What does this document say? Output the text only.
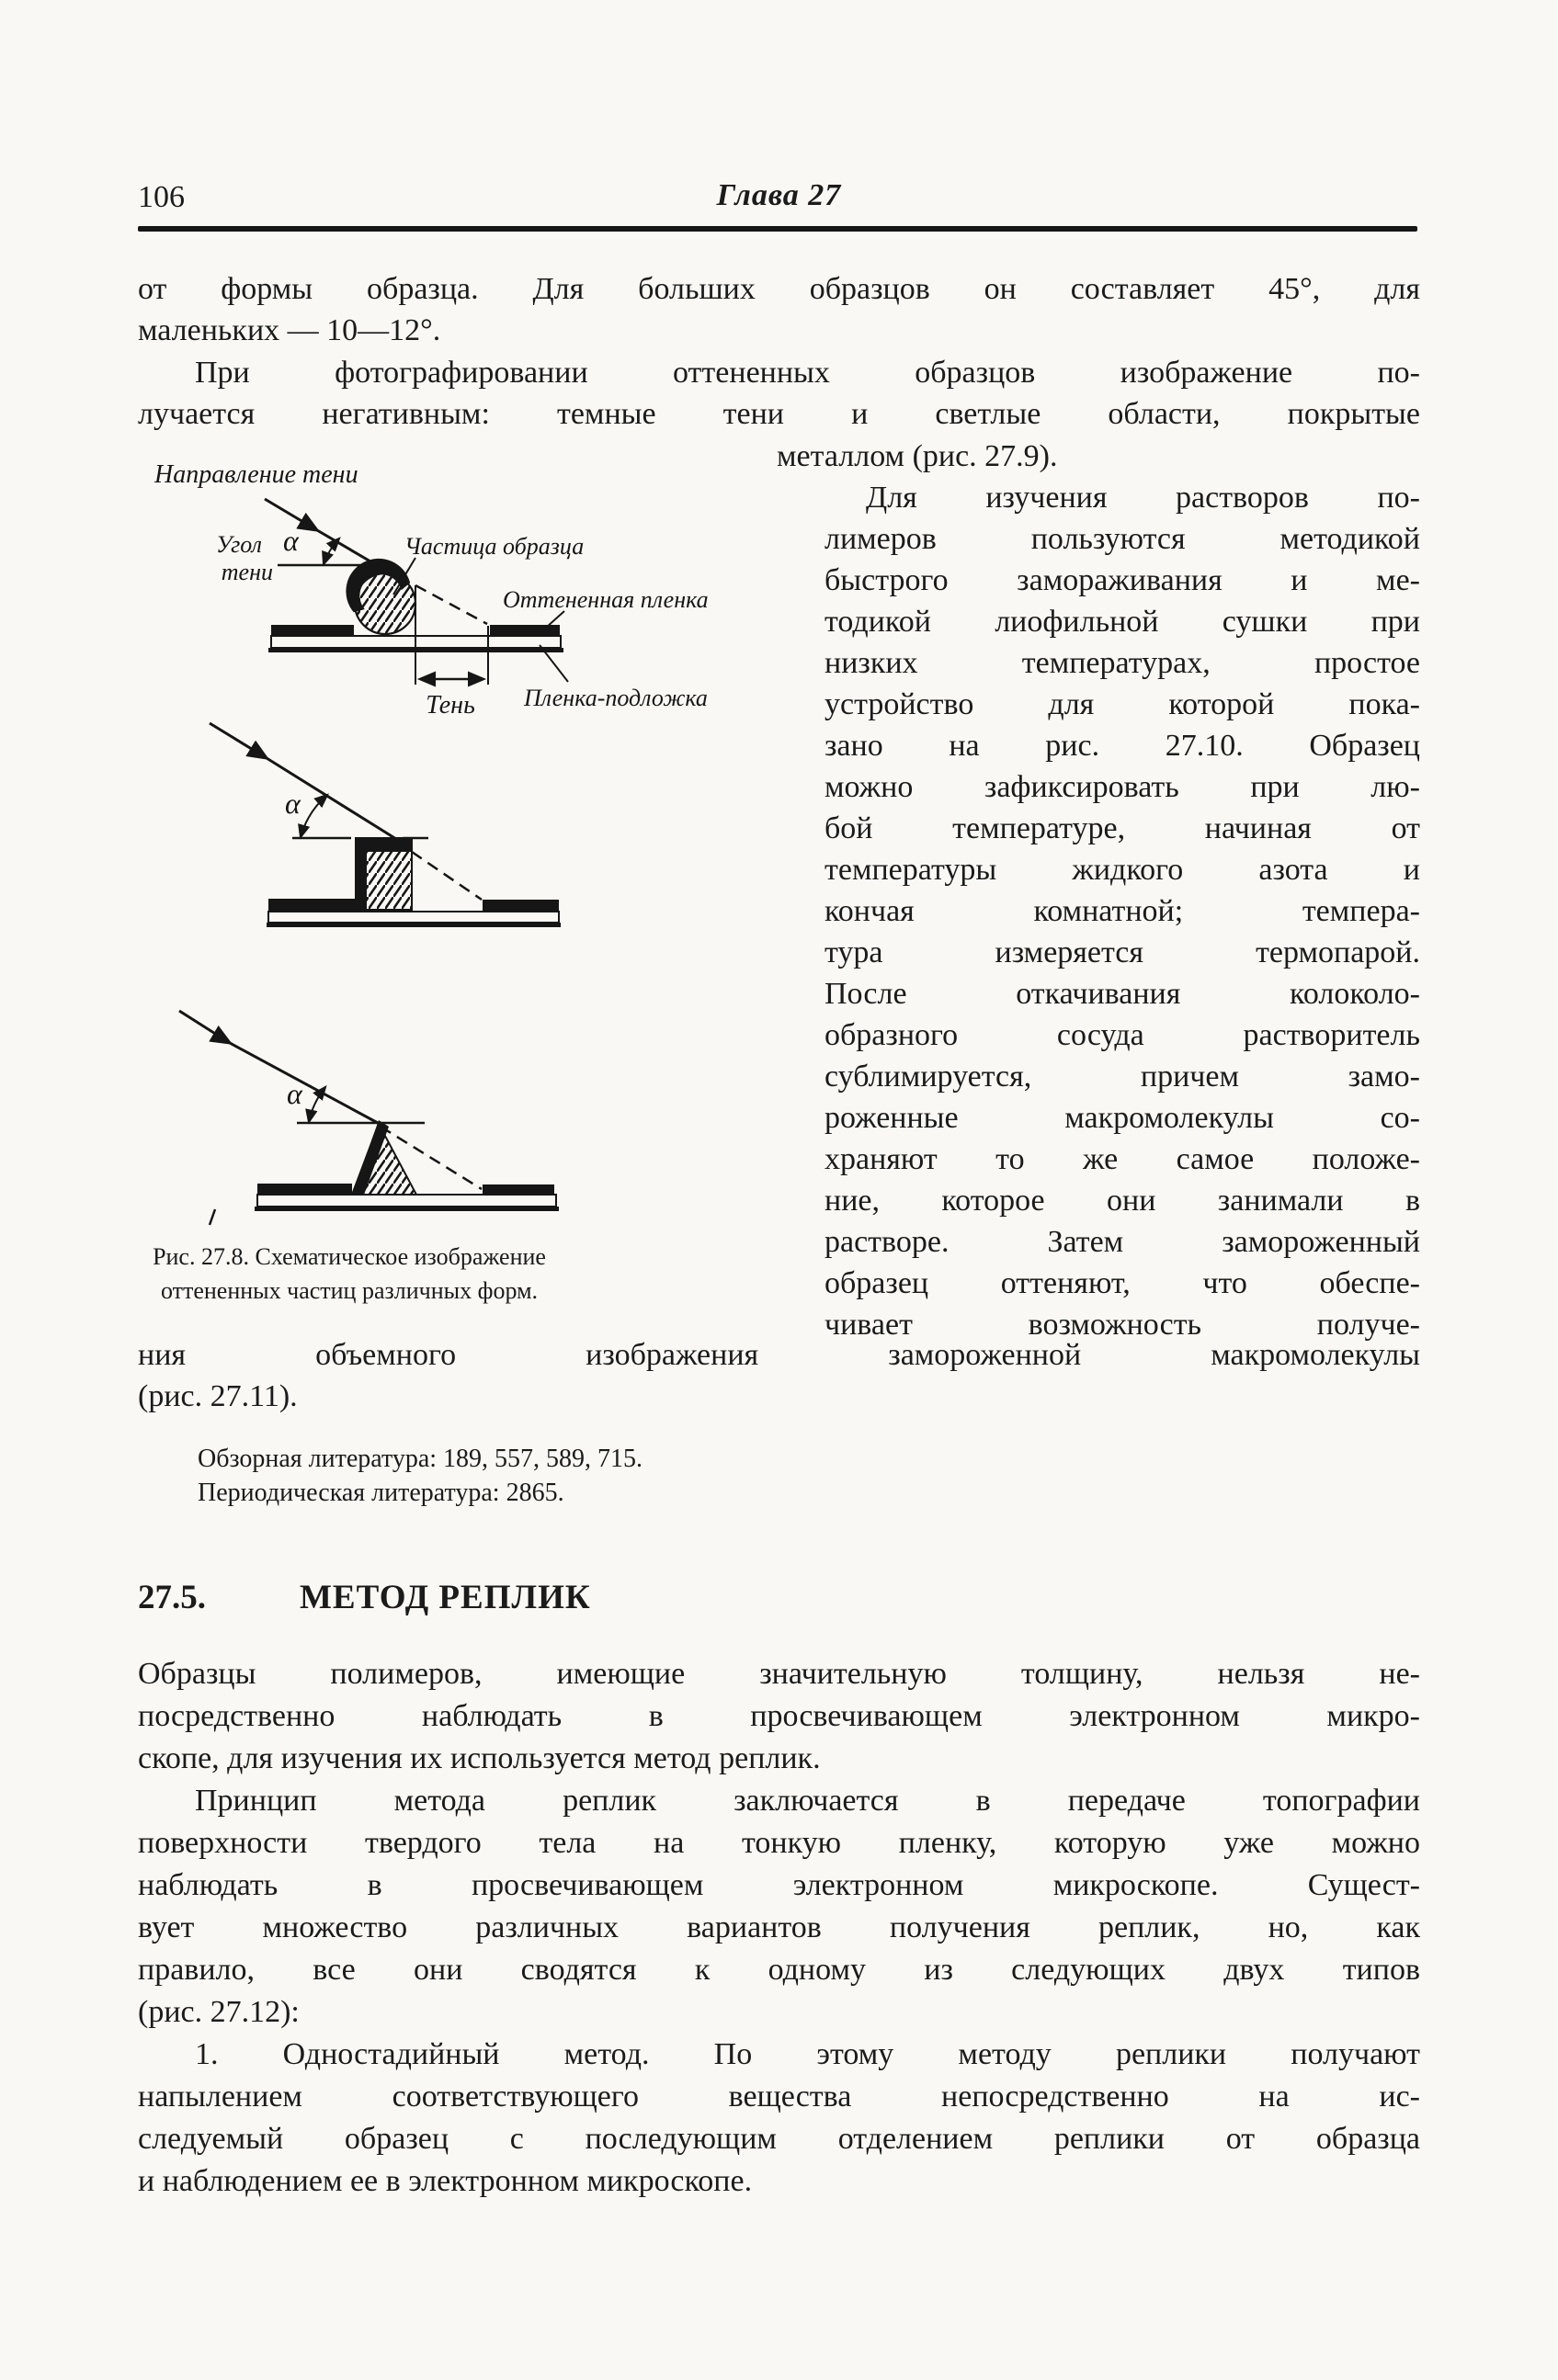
106	Глава 27
от формы образца. Для больших образцов он составляет 45°, для
маленьких — 10—12°.
При фотографировании оттененных образцов изображение по-
лучается негативным: темные тени и светлые области, покрытые
Направление тени
α
Угол
тени
Частица образца
Тень
Оттененная пленка
Пленка-подложка
α
α
Рис. 27.8. Схематическое изображение
оттененных частиц различных форм.
металлом (рис. 27.9).
Для изучения растворов по-
лимеров пользуются методикой
быстрого замораживания и ме-
тодикой лиофильной сушки при
низких температурах, простое
устройство для которой пока-
зано на рис. 27.10. Образец
можно зафиксировать при лю-
бой температуре, начиная от
температуры жидкого азота и
кончая комнатной; темпера-
тура измеряется термопарой.
После откачивания колоколо-
образного сосуда растворитель
сублимируется, причем замо-
роженные макромолекулы со-
храняют то же самое положе-
ние, которое они занимали в
растворе. Затем замороженный
образец оттеняют, что обеспе-
чивает возможность получе-
ния объемного изображения замороженной макромолекулы
(рис. 27.11).
Обзорная литература: 189, 557, 589, 715.
Периодическая литература: 2865.
27.5.	МЕТОД РЕПЛИК
Образцы полимеров, имеющие значительную толщину, нельзя не-
посредственно наблюдать в просвечивающем электронном микро-
скопе, для изучения их используется метод реплик.
Принцип метода реплик заключается в передаче топографии
поверхности твердого тела на тонкую пленку, которую уже можно
наблюдать в просвечивающем электронном микроскопе. Сущест-
вует множество различных вариантов получения реплик, но, как
правило, все они сводятся к одному из следующих двух типов
(рис. 27.12):
1. Одностадийный метод. По этому методу реплики получают
напылением соответствующего вещества непосредственно на ис-
следуемый образец с последующим отделением реплики от образца
и наблюдением ее в электронном микроскопе.
